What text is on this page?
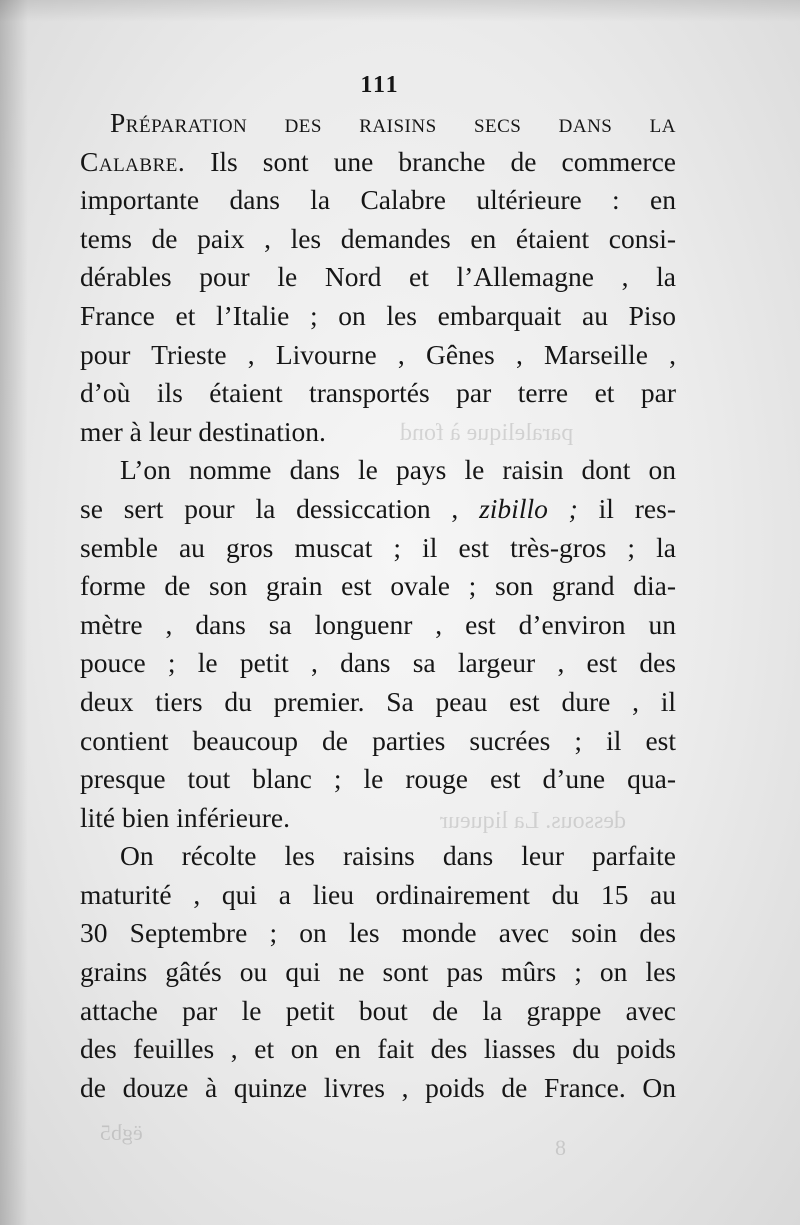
paralelique à fond
dessous. La liqueur
ëgb5
8
111
Préparation des raisins secs dans la
Calabre. Ils sont une branche de commerce
importante dans la Calabre ultérieure : en
tems de paix , les demandes en étaient consi-
dérables pour le Nord et l’Allemagne , la
France et l’Italie ; on les embarquait au Piso
pour Trieste , Livourne , Gênes , Marseille ,
d’où ils étaient transportés par terre et par
mer à leur destination.
L’on nomme dans le pays le raisin dont on
se sert pour la dessiccation , zibillo ; il res-
semble au gros muscat ; il est très-gros ; la
forme de son grain est ovale ; son grand dia-
mètre , dans sa longuenr , est d’environ un
pouce ; le petit , dans sa largeur , est des
deux tiers du premier. Sa peau est dure , il
contient beaucoup de parties sucrées ; il est
presque tout blanc ; le rouge est d’une qua-
lité bien inférieure.
On récolte les raisins dans leur parfaite
maturité , qui a lieu ordinairement du 15 au
30 Septembre ; on les monde avec soin des
grains gâtés ou qui ne sont pas mûrs ; on les
attache par le petit bout de la grappe avec
des feuilles , et on en fait des liasses du poids
de douze à quinze livres , poids de France. On
